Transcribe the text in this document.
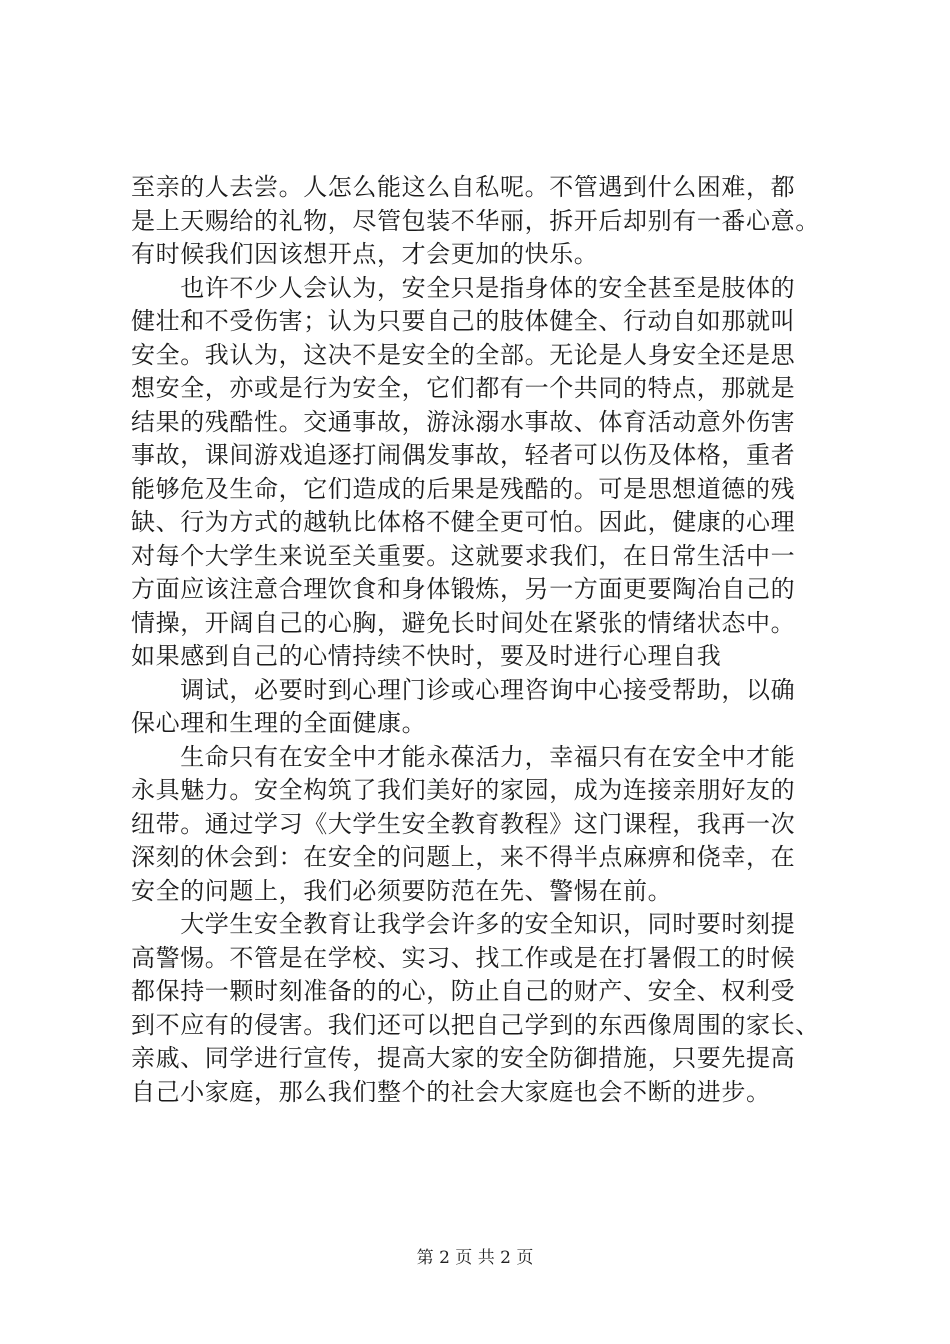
至亲的人去尝。人怎么能这么自私呢。不管遇到什么困难，都
是上天赐给的礼物，尽管包装不华丽，拆开后却别有一番心意。
有时候我们因该想开点，才会更加的快乐。
　　也许不少人会认为，安全只是指身体的安全甚至是肢体的
健壮和不受伤害；认为只要自己的肢体健全、行动自如那就叫
安全。我认为，这决不是安全的全部。无论是人身安全还是思
想安全，亦或是行为安全，它们都有一个共同的特点，那就是
结果的残酷性。交通事故，游泳溺水事故、体育活动意外伤害
事故，课间游戏追逐打闹偶发事故，轻者可以伤及体格，重者
能够危及生命，它们造成的后果是残酷的。可是思想道德的残
缺、行为方式的越轨比体格不健全更可怕。因此，健康的心理
对每个大学生来说至关重要。这就要求我们，在日常生活中一
方面应该注意合理饮食和身体锻炼，另一方面更要陶冶自己的
情操，开阔自己的心胸，避免长时间处在紧张的情绪状态中。
如果感到自己的心情持续不快时，要及时进行心理自我
　　调试，必要时到心理门诊或心理咨询中心接受帮助，以确
保心理和生理的全面健康。
　　生命只有在安全中才能永葆活力，幸福只有在安全中才能
永具魅力。安全构筑了我们美好的家园，成为连接亲朋好友的
纽带。通过学习《大学生安全教育教程》这门课程，我再一次
深刻的休会到：在安全的问题上，来不得半点麻痹和侥幸，在
安全的问题上，我们必须要防范在先、警惕在前。
　　大学生安全教育让我学会许多的安全知识，同时要时刻提
高警惕。不管是在学校、实习、找工作或是在打暑假工的时候
都保持一颗时刻准备的的心，防止自己的财产、安全、权利受
到不应有的侵害。我们还可以把自己学到的东西像周围的家长、
亲戚、同学进行宣传，提高大家的安全防御措施，只要先提高
自己小家庭，那么我们整个的社会大家庭也会不断的进步。
第 2 页 共 2 页
